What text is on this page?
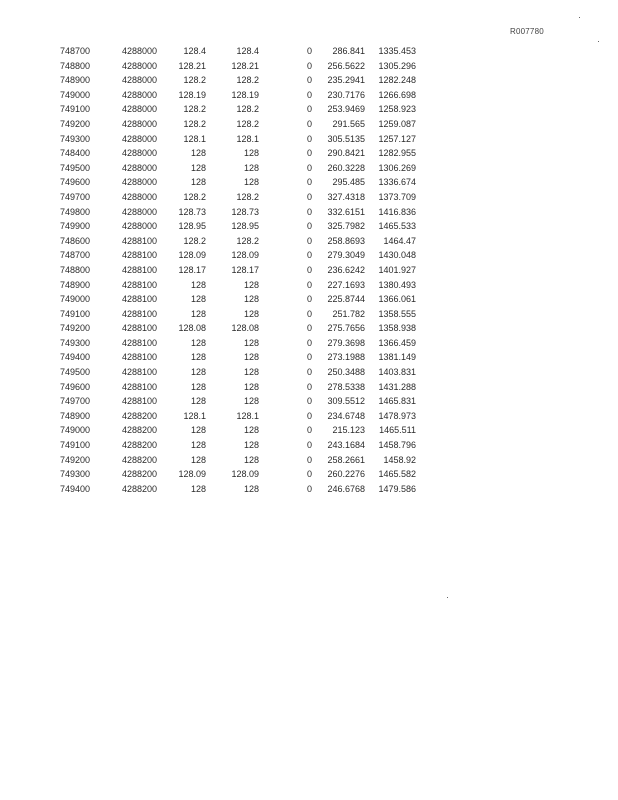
R007780
748700	4288000	128.4	128.4	0	286.841	1335.453
748800	4288000	128.21	128.21	0	256.5622	1305.296
748900	4288000	128.2	128.2	0	235.2941	1282.248
749000	4288000	128.19	128.19	0	230.7176	1266.698
749100	4288000	128.2	128.2	0	253.9469	1258.923
749200	4288000	128.2	128.2	0	291.565	1259.087
749300	4288000	128.1	128.1	0	305.5135	1257.127
748400	4288000	128	128	0	290.8421	1282.955
749500	4288000	128	128	0	260.3228	1306.269
749600	4288000	128	128	0	295.485	1336.674
749700	4288000	128.2	128.2	0	327.4318	1373.709
749800	4288000	128.73	128.73	0	332.6151	1416.836
749900	4288000	128.95	128.95	0	325.7982	1465.533
748600	4288100	128.2	128.2	0	258.8693	1464.47
748700	4288100	128.09	128.09	0	279.3049	1430.048
748800	4288100	128.17	128.17	0	236.6242	1401.927
748900	4288100	128	128	0	227.1693	1380.493
749000	4288100	128	128	0	225.8744	1366.061
749100	4288100	128	128	0	251.782	1358.555
749200	4288100	128.08	128.08	0	275.7656	1358.938
749300	4288100	128	128	0	279.3698	1366.459
749400	4288100	128	128	0	273.1988	1381.149
749500	4288100	128	128	0	250.3488	1403.831
749600	4288100	128	128	0	278.5338	1431.288
749700	4288100	128	128	0	309.5512	1465.831
748900	4288200	128.1	128.1	0	234.6748	1478.973
749000	4288200	128	128	0	215.123	1465.511
749100	4288200	128	128	0	243.1684	1458.796
749200	4288200	128	128	0	258.2661	1458.92
749300	4288200	128.09	128.09	0	260.2276	1465.582
749400	4288200	128	128	0	246.6768	1479.586
